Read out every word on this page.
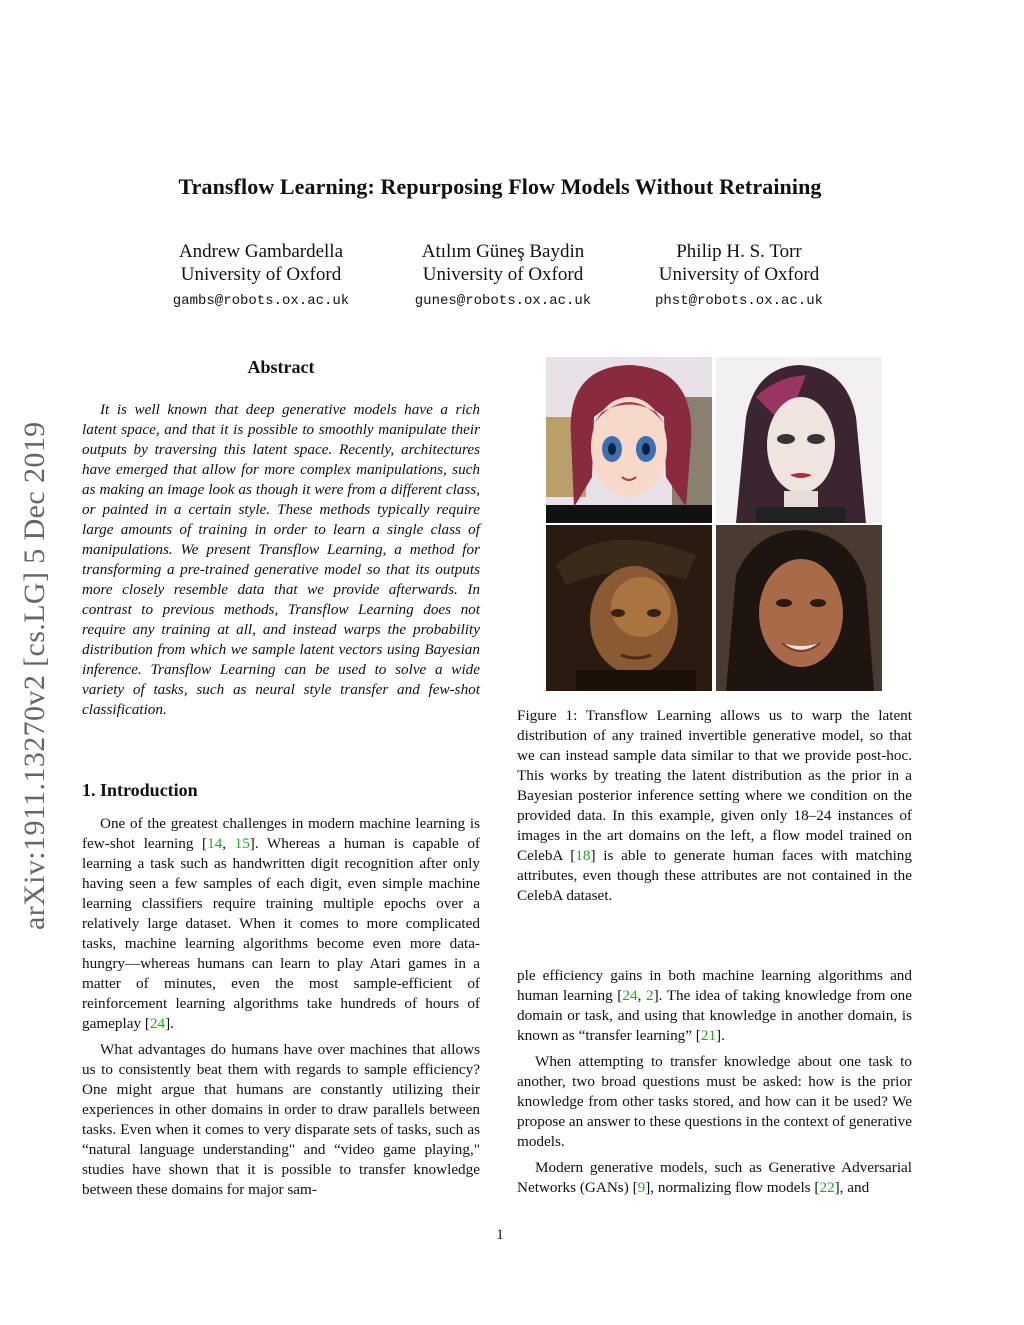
arXiv:1911.13270v2 [cs.LG] 5 Dec 2019
Transflow Learning: Repurposing Flow Models Without Retraining
Andrew Gambardella
University of Oxford
gambs@robots.ox.ac.uk
Atılım Güneş Baydin
University of Oxford
gunes@robots.ox.ac.uk
Philip H. S. Torr
University of Oxford
phst@robots.ox.ac.uk
Abstract

It is well known that deep generative models have a rich latent space, and that it is possible to smoothly manipulate their outputs by traversing this latent space. Recently, architectures have emerged that allow for more complex manipulations, such as making an image look as though it were from a different class, or painted in a certain style. These methods typically require large amounts of training in order to learn a single class of manipulations. We present Transflow Learning, a method for transforming a pre-trained generative model so that its outputs more closely resemble data that we provide afterwards. In contrast to previous methods, Transflow Learning does not require any training at all, and instead warps the probability distribution from which we sample latent vectors using Bayesian inference. Transflow Learning can be used to solve a wide variety of tasks, such as neural style transfer and few-shot classification.

1. Introduction

One of the greatest challenges in modern machine learning is few-shot learning [14, 15]. Whereas a human is capable of learning a task such as handwritten digit recognition after only having seen a few samples of each digit, even simple machine learning classifiers require training multiple epochs over a relatively large dataset. When it comes to more complicated tasks, machine learning algorithms become even more data-hungry—whereas humans can learn to play Atari games in a matter of minutes, even the most sample-efficient of reinforcement learning algorithms take hundreds of hours of gameplay [24].

What advantages do humans have over machines that allows us to consistently beat them with regards to sample efficiency? One might argue that humans are constantly utilizing their experiences in other domains in order to draw parallels between tasks. Even when it comes to very disparate sets of tasks, such as “natural language understanding" and “video game playing," studies have shown that it is possible to transfer knowledge between these domains for major sam-

Figure 1: Transflow Learning allows us to warp the latent distribution of any trained invertible generative model, so that we can instead sample data similar to that we provide post-hoc. This works by treating the latent distribution as the prior in a Bayesian posterior inference setting where we condition on the provided data. In this example, given only 18–24 instances of images in the art domains on the left, a flow model trained on CelebA [18] is able to generate human faces with matching attributes, even though these attributes are not contained in the CelebA dataset.

ple efficiency gains in both machine learning algorithms and human learning [24, 2]. The idea of taking knowledge from one domain or task, and using that knowledge in another domain, is known as “transfer learning” [21].

When attempting to transfer knowledge about one task to another, two broad questions must be asked: how is the prior knowledge from other tasks stored, and how can it be used? We propose an answer to these questions in the context of generative models.

Modern generative models, such as Generative Adversarial Networks (GANs) [9], normalizing flow models [22], and

1
